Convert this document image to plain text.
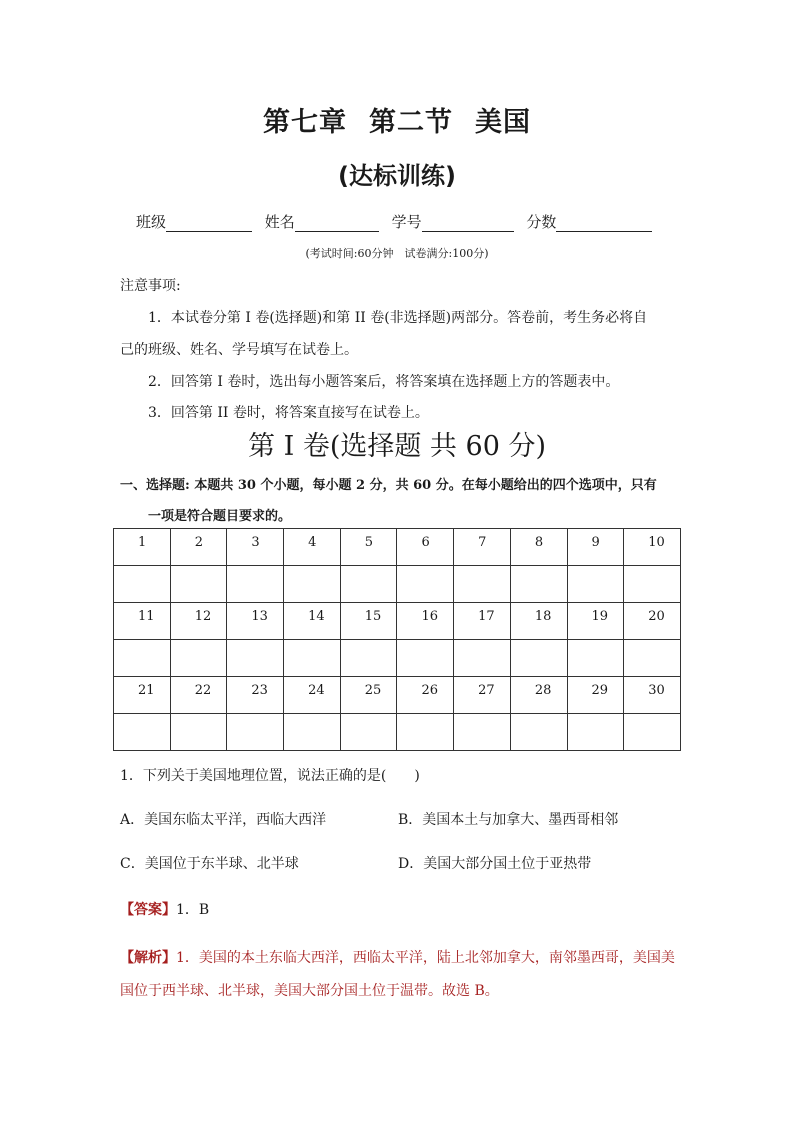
第七章 第二节 美国
(达标训练)
班级	姓名	学号	分数
(考试时间:60分钟　试卷满分:100分)
注意事项:
1．本试卷分第 I 卷(选择题)和第 II 卷(非选择题)两部分。答卷前，考生务必将自
己的班级、姓名、学号填写在试卷上。
2．回答第 I 卷时，选出每小题答案后，将答案填在选择题上方的答题表中。
3．回答第 II 卷时，将答案直接写在试卷上。
第 I 卷(选择题 共 60 分)
一、选择题: 本题共 30 个小题，每小题 2 分，共 60 分。在每小题给出的四个选项中，只有
一项是符合题目要求的。
1	2	3	4	5	6	7	8	9	10

11	12	13	14	15	16	17	18	19	20

21	22	23	24	25	26	27	28	29	30

1．下列关于美国地理位置，说法正确的是(　　)
A．美国东临太平洋，西临大西洋	B．美国本土与加拿大、墨西哥相邻
C．美国位于东半球、北半球	D．美国大部分国土位于亚热带
【答案】1．B
【解析】1．美国的本土东临大西洋，西临太平洋，陆上北邻加拿大，南邻墨西哥，美国美国位于西半球、北半球，美国大部分国土位于温带。故选 B。
